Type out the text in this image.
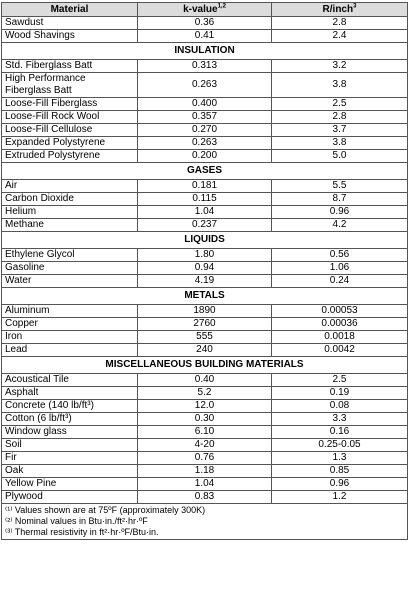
Material	k-value$^{1,2}$	R/inch$^3$
Sawdust	0.36	2.8
Wood Shavings	0.41	2.4
INSULATION		
Std. Fiberglass Batt	0.313	3.2
High Performance Fiberglass Batt	0.263	3.8
Loose-Fill Fiberglass	0.400	2.5
Loose-Fill Rock Wool	0.357	2.8
Loose-Fill Cellulose	0.270	3.7
Expanded Polystyrene	0.263	3.8
Extruded Polystyrene	0.200	5.0
GASES		
Air	0.181	5.5
Carbon Dioxide	0.115	8.7
Helium	1.04	0.96
Methane	0.237	4.2
LIQUIDS		
Ethylene Glycol	1.80	0.56
Gasoline	0.94	1.06
Water	4.19	0.24
METALS		
Aluminum	1890	0.00053
Copper	2760	0.00036
Iron	555	0.0018
Lead	240	0.0042
MISCELLANEOUS BUILDING MATERIALS		
Acoustical Tile	0.40	2.5
Asphalt	5.2	0.19
Concrete (140 lb/ft³)	12.0	0.08
Cotton (6 lb/ft³)	0.30	3.3
Window glass	6.10	0.16
Soil	4-20	0.25-0.05
Fir	0.76	1.3
Oak	1.18	0.85
Yellow Pine	1.04	0.96
Plywood	0.83	1.2

⁽¹⁾ Values shown are at 75ºF (approximately 300K)
⁽²⁾ Nominal values in Btu·in./ft²·hr·ºF
⁽³⁾ Thermal resistivity in ft²·hr·ºF/Btu·in.		
